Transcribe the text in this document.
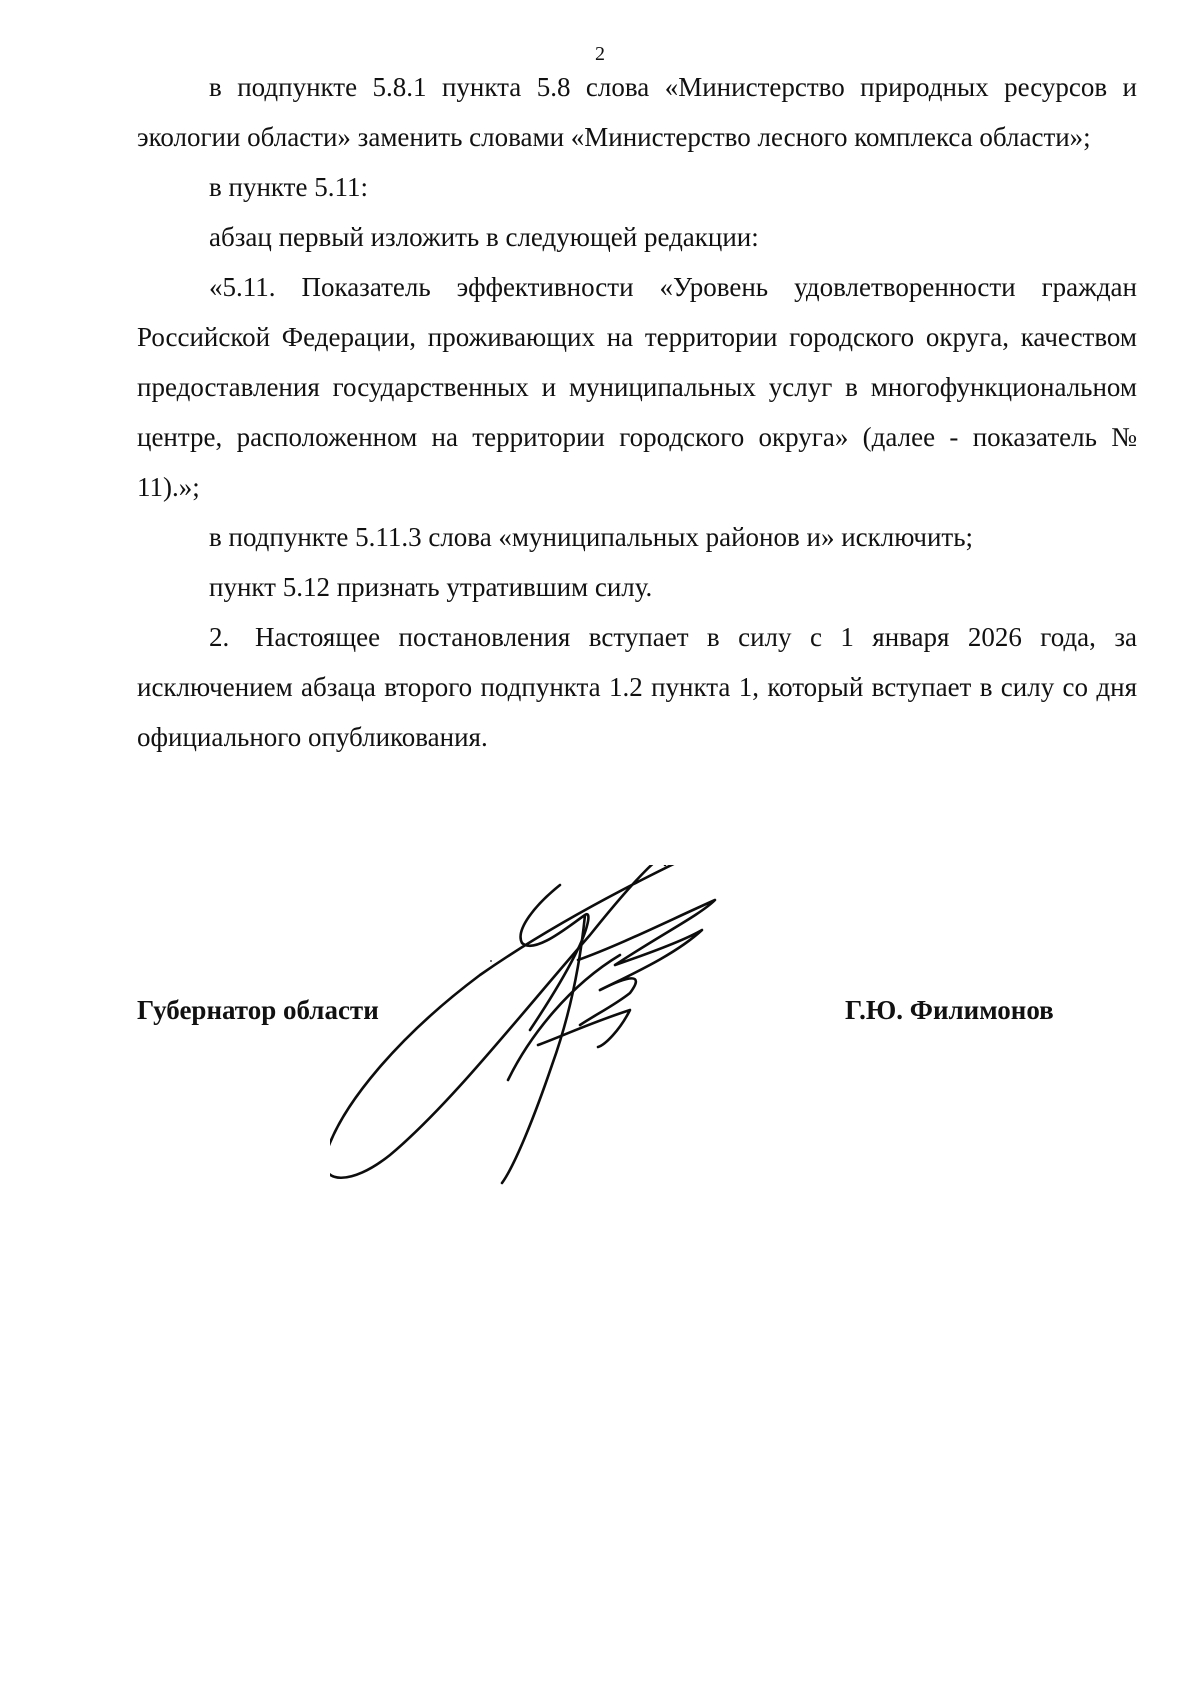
2

в подпункте 5.8.1 пункта 5.8 слова «Министерство природных ресурсов и экологии области» заменить словами «Министерство лесного комплекса области»;

в пункте 5.11:

абзац первый изложить в следующей редакции:

«5.11. Показатель эффективности «Уровень удовлетворенности граждан Российской Федерации, проживающих на территории городского округа, качеством предоставления государственных и муниципальных услуг в многофункциональном центре, расположенном на территории городского округа» (далее - показатель № 11).»;

в подпункте 5.11.3 слова «муниципальных районов и» исключить;

пункт 5.12 признать утратившим силу.

2. Настоящее постановления вступает в силу с 1 января 2026 года, за исключением абзаца второго подпункта 1.2 пункта 1, который вступает в силу со дня официального опубликования.

Губернатор области	Г.Ю. Филимонов
